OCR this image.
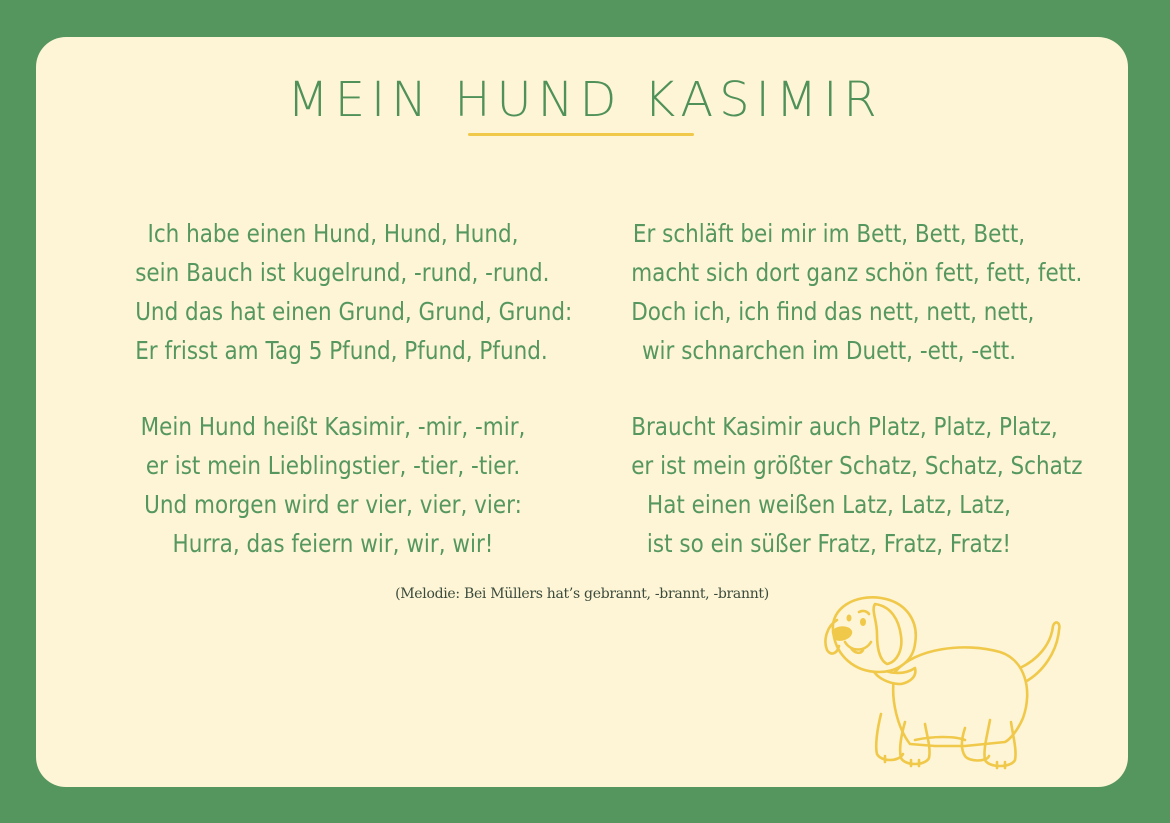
MEIN HUND KASIMIR
Ich habe einen Hund, Hund, Hund,
sein Bauch ist kugelrund, -rund, -rund.
Und das hat einen Grund, Grund, Grund:
Er frisst am Tag 5 Pfund, Pfund, Pfund.
Mein Hund heißt Kasimir, -mir, -mir,
er ist mein Lieblingstier, -tier, -tier.
Und morgen wird er vier, vier, vier:
Hurra, das feiern wir, wir, wir!
Er schläft bei mir im Bett, Bett, Bett,
macht sich dort ganz schön fett, fett, fett.
Doch ich, ich find das nett, nett, nett,
wir schnarchen im Duett, -ett, -ett.
Braucht Kasimir auch Platz, Platz, Platz,
er ist mein größter Schatz, Schatz, Schatz
Hat einen weißen Latz, Latz, Latz,
ist so ein süßer Fratz, Fratz, Fratz!
(Melodie: Bei Müllers hat’s gebrannt, -brannt, -brannt)
